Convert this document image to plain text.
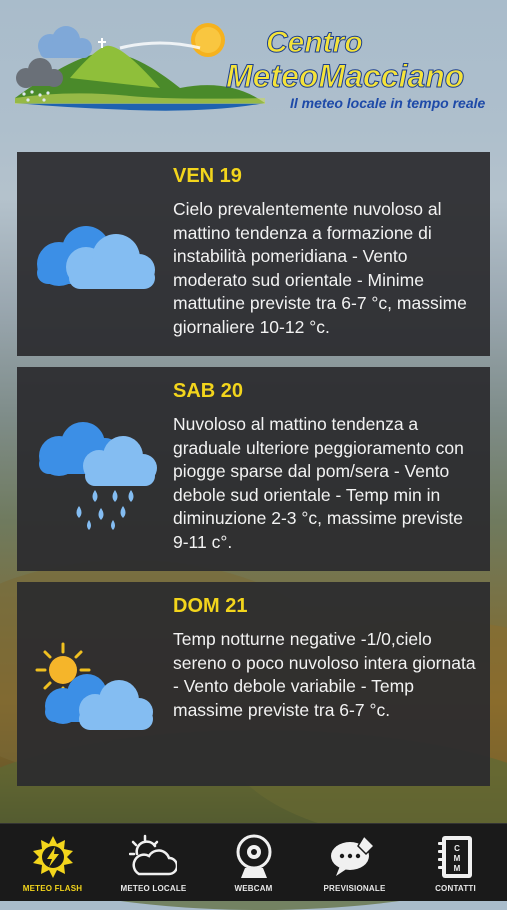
Centro
MeteoMacciano
Il meteo locale in tempo reale
VEN 19
Cielo prevalentemente nuvoloso al mattino tendenza a formazione di instabilità pomeridiana - Vento moderato sud orientale - Minime mattutine previste tra 6-7 °c, massime giornaliere 10-12 °c.
SAB 20
Nuvoloso al mattino tendenza a graduale ulteriore peggioramento con piogge sparse dal pom/sera - Vento debole sud orientale - Temp min in diminuzione 2-3 °c, massime previste 9-11 c°.
DOM 21
Temp notturne negative -1/0,cielo sereno o poco nuvoloso intera giornata - Vento debole variabile - Temp massime previste tra 6-7 °c.
METEO FLASH	METEO LOCALE	WEBCAM	PREVISIONALE
C
M
M
CONTATTI
